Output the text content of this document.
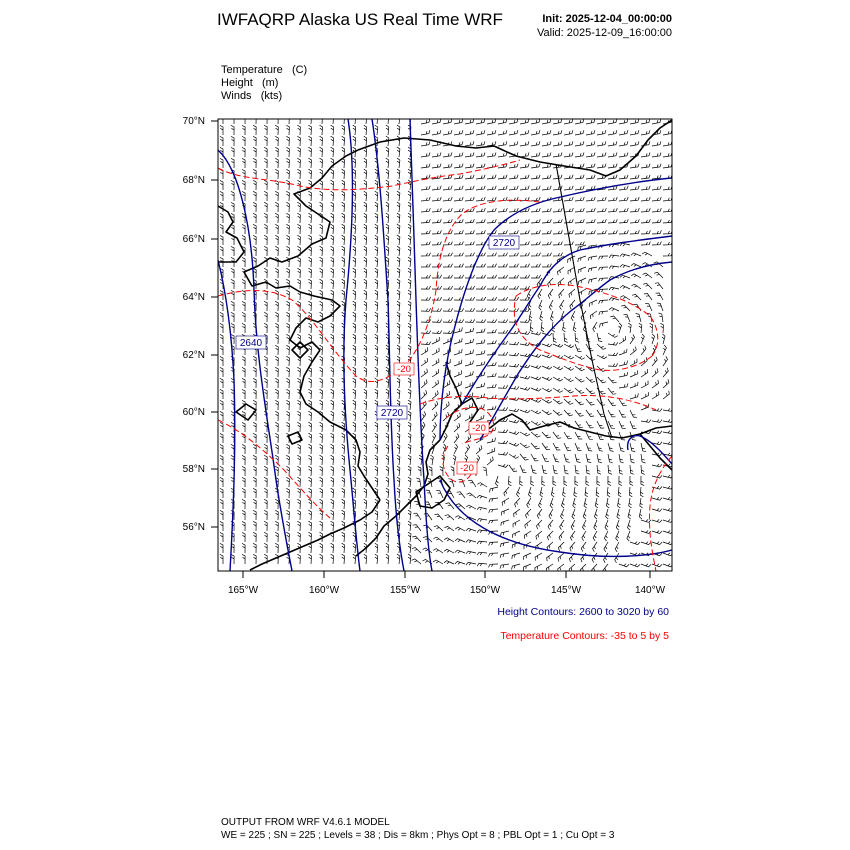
IWFAQRP Alaska US Real Time WRF	Init: 2025-12-04_00:00:00
Valid: 2025-12-09_16:00:00
Temperature (C)
Height (m)
Winds (kts)
2720
2640
2720
-20
-20
-20
70°N
68°N
66°N
64°N
62°N
60°N
58°N
56°N
165°W	160°W	155°W	150°W	145°W	140°W
Height Contours: 2600 to 3020 by 60
Temperature Contours: -35 to 5 by 5
OUTPUT FROM WRF V4.6.1 MODEL
WE = 225 ; SN = 225 ; Levels = 38 ; Dis = 8km ; Phys Opt = 8 ; PBL Opt = 1 ; Cu Opt = 3
